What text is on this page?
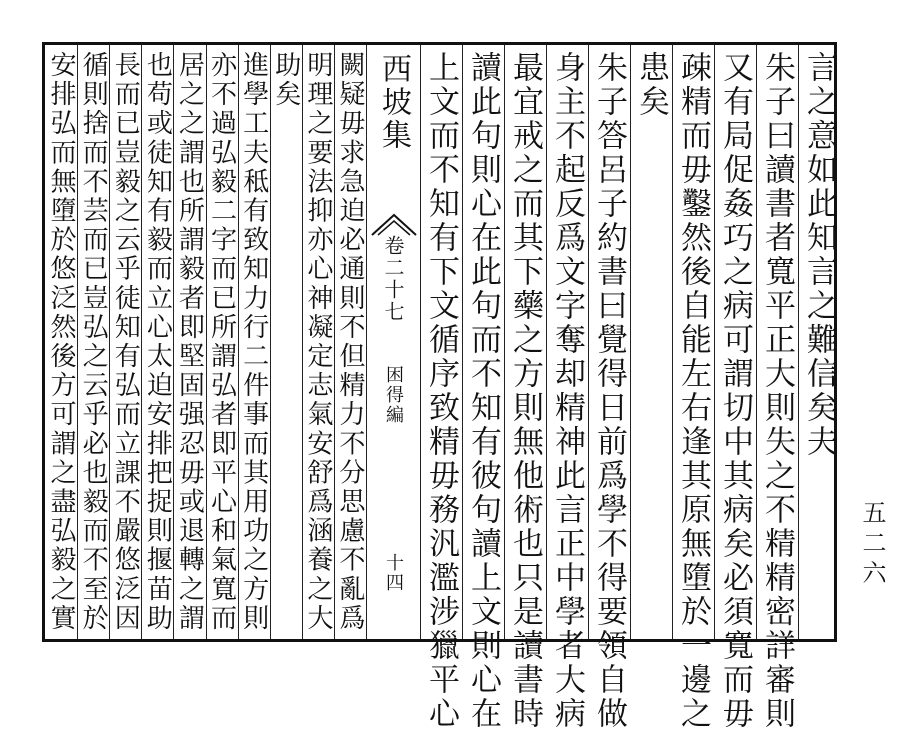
言之意如此知言之難信矣夫
朱子曰讀書者寬平正大則失之不精精密詳審則
又有局促姦巧之病可謂切中其病矣必須寬而毋
疎精而毋鑿然後自能左右逢其原無墮於一邊之
患矣
朱子答呂子約書曰覺得日前爲學不得要領自做
身主不起反爲文字奪却精神此言正中學者大病
最宜戒之而其下藥之方則無他術也只是讀書時
讀此句則心在此句而不知有彼句讀上文則心在
上文而不知有下文循序致精毋務汎濫涉獵平心
西坡集
卷二十七
困得編
十四
闕疑毋求急迫必通則不但精力不分思慮不亂爲
明理之要法抑亦心神凝定志氣安舒爲涵養之大
助矣
進學工夫秪有致知力行二件事而其用功之方則
亦不過弘毅二字而已所謂弘者即平心和氣寬而
居之之謂也所謂毅者即堅固强忍毋或退轉之謂
也苟或徒知有毅而立心太迫安排把捉則揠苗助
長而已豈毅之云乎徒知有弘而立課不嚴悠泛因
循則捨而不芸而已豈弘之云乎必也毅而不至於
安排弘而無墮於悠泛然後方可謂之盡弘毅之實	五二六
